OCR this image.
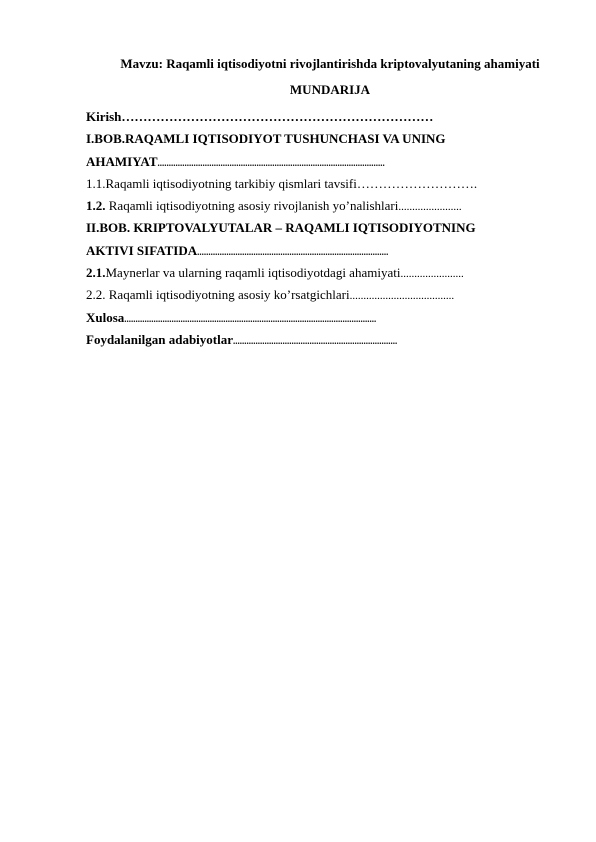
Mavzu: Raqamli iqtisodiyotni rivojlantirishda kriptovalyutaning ahamiyati
MUNDARIJA
Kirish………………………………………………………………
I.BOB.RAQAMLI IQTISODIYOT TUSHUNCHASI VA UNING
AHAMIYAT.....................................................................................................
1.1.Raqamli iqtisodiyotning tarkibiy qismlari tavsifi……………………….
1.2. Raqamli iqtisodiyotning asosiy rivojlanish yo’nalishlari.......................
II.BOB. KRIPTOVALYUTALAR – RAQAMLI IQTISODIYOTNING
AKTIVI SIFATIDA.....................................................................................
2.1.Maynerlar va ularning raqamli iqtisodiyotdagi ahamiyati.......................
2.2. Raqamli iqtisodiyotning asosiy ko’rsatgichlari......................................
Xulosa................................................................................................................
Foydalanilgan adabiyotlar.........................................................................
